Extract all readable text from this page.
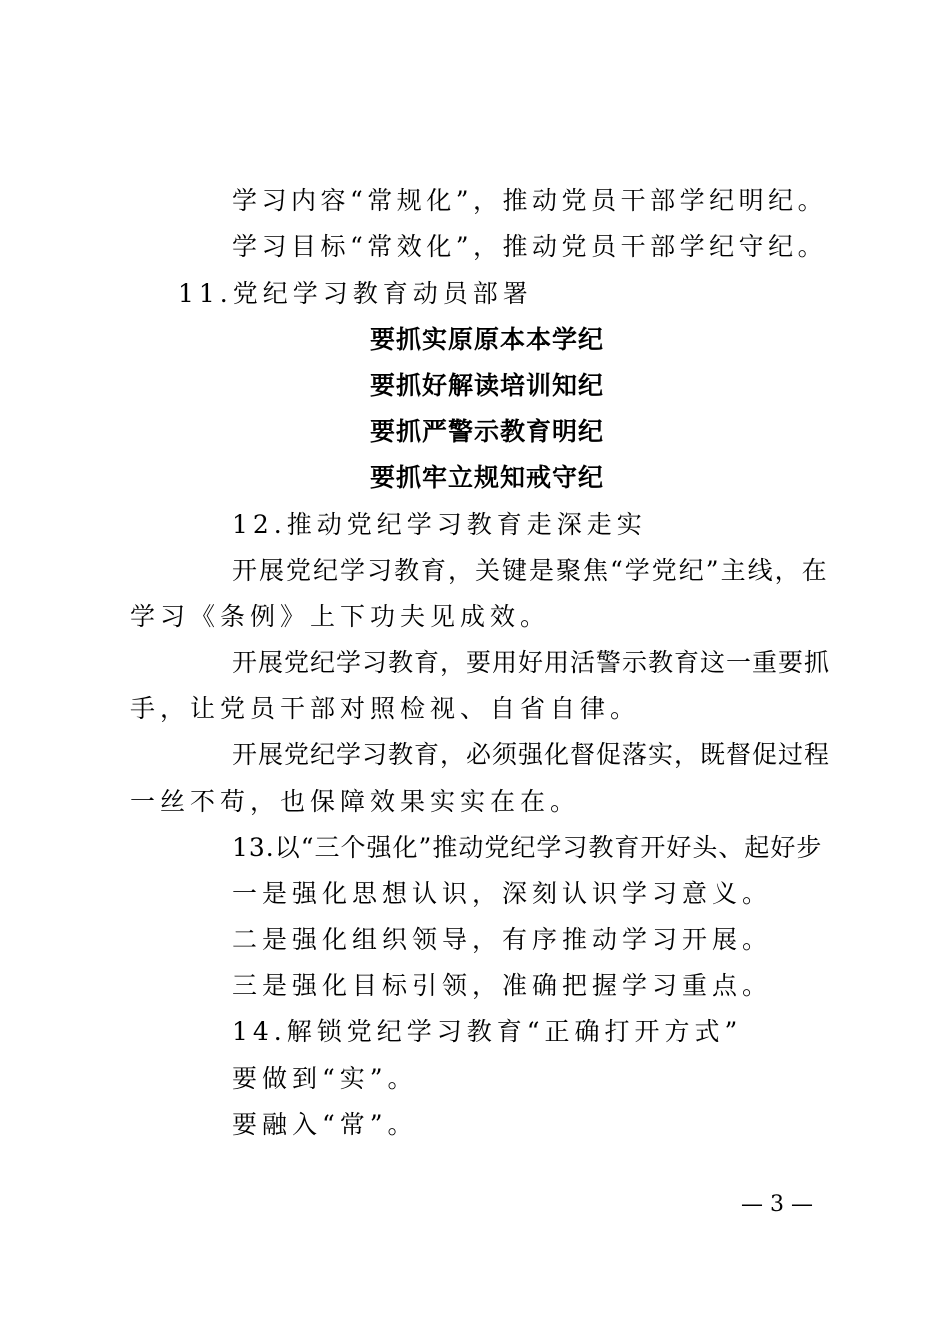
学习内容“常规化”，推动党员干部学纪明纪。
学习目标“常效化”，推动党员干部学纪守纪。
11.党纪学习教育动员部署
要抓实原原本本学纪
要抓好解读培训知纪
要抓严警示教育明纪
要抓牢立规知戒守纪
12.推动党纪学习教育走深走实
开展党纪学习教育，关键是聚焦“学党纪”主线，在
学习《条例》上下功夫见成效。
开展党纪学习教育，要用好用活警示教育这一重要抓
手，让党员干部对照检视、自省自律。
开展党纪学习教育，必须强化督促落实，既督促过程
一丝不苟，也保障效果实实在在。
13.以“三个强化”推动党纪学习教育开好头、起好步
一是强化思想认识，深刻认识学习意义。
二是强化组织领导，有序推动学习开展。
三是强化目标引领，准确把握学习重点。
14.解锁党纪学习教育“正确打开方式”
要做到“实”。
要融入“常”。
— 3 —
